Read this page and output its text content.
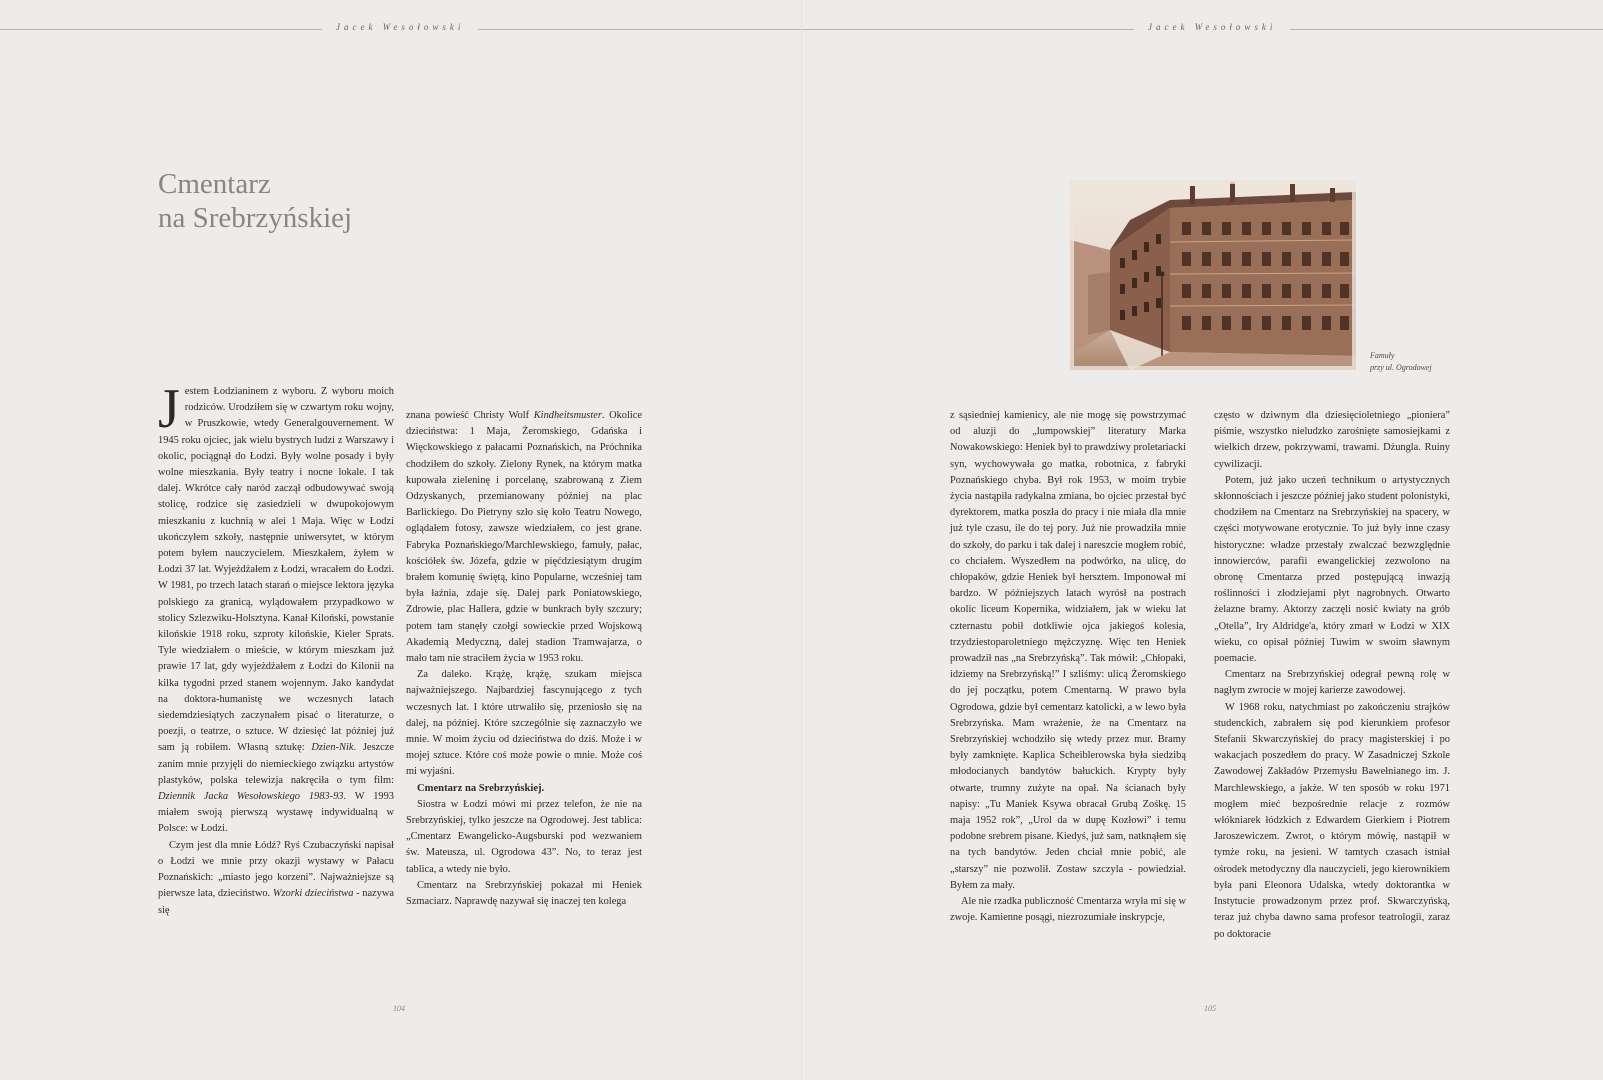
Jacek Wesołowski
Cmentarz
na Srebrzyńskiej

Jestem Łodzianinem z wyboru. Z wyboru moich rodziców. Urodziłem się w czwartym roku wojny, w Pruszkowie, wtedy Generalgouvernement. W 1945 roku ojciec, jak wielu bystrych ludzi z Warszawy i okolic, pociągnął do Łodzi. Były wolne posady i były wolne mieszkania. Były teatry i nocne lokale. I tak dalej. Wkrótce cały naród zaczął odbudowywać swoją stolicę, rodzice się zasiedzieli w dwupokojowym mieszkaniu z kuchnią w alei 1 Maja. Więc w Łodzi ukończyłem szkoły, następnie uniwersytet, w którym potem byłem nauczycielem. Mieszkałem, żyłem w Łodzi 37 lat. Wyjeżdżałem z Łodzi, wracałem do Łodzi. W 1981, po trzech latach starań o miejsce lektora języka polskiego za granicą, wylądowałem przypadkowo w stolicy Szlezwiku-Holsztyna. Kanał Kiloński, powstanie kilońskie 1918 roku, szproty kilońskie, Kieler Sprats. Tyle wiedziałem o mieście, w którym mieszkam już prawie 17 lat, gdy wyjeżdżałem z Łodzi do Kilonii na kilka tygodni przed stanem wojennym. Jako kandydat na doktora-humanistę we wczesnych latach siedemdziesiątych zaczynałem pisać o literaturze, o poezji, o teatrze, o sztuce. W dziesięć lat później już sam ją robiłem. Własną sztukę: Dzien-Nik. Jeszcze zanim mnie przyjęli do niemieckiego związku artystów plastyków, polska telewizja nakręciła o tym film: Dziennik Jacka Wesołowskiego 1983-93. W 1993 miałem swoją pierwszą wystawę indywidualną w Polsce: w Łodzi.

Czym jest dla mnie Łódź? Ryś Czubaczyński napisał o Łodzi we mnie przy okazji wystawy w Pałacu Poznańskich: „miasto jego korzeni”. Najważniejsze są pierwsze lata, dzieciństwo. Wzorki dzieciństwa - nazywa się

znana powieść Christy Wolf Kindheitsmuster. Okolice dzieciństwa: 1 Maja, Żeromskiego, Gdańska i Więckowskiego z pałacami Poznańskich, na Próchnika chodziłem do szkoły. Zielony Rynek, na którym matka kupowała zieleninę i porcelanę, szabrowaną z Ziem Odzyskanych, przemianowany później na plac Barlickiego. Do Pietryny szło się koło Teatru Nowego, oglądałem fotosy, zawsze wiedziałem, co jest grane. Fabryka Poznańskiego/Marchlewskiego, famuły, pałac, kościółek św. Józefa, gdzie w pięćdziesiątym drugim brałem komunię świętą, kino Popularne, wcześniej tam była łaźnia, zdaje się. Dalej park Poniatowskiego, Zdrowie, plac Hallera, gdzie w bunkrach były szczury; potem tam stanęły czołgi sowieckie przed Wojskową Akademią Medyczną, dalej stadion Tramwajarza, o mało tam nie straciłem życia w 1953 roku.

Za daleko. Krążę, krążę, szukam miejsca najważniejszego. Najbardziej fascynującego z tych wczesnych lat. I które utrwaliło się, przeniosło się na dalej, na później. Które szczególnie się zaznaczyło we mnie. W moim życiu od dzieciństwa do dziś. Może i w mojej sztuce. Które coś może powie o mnie. Może coś mi wyjaśni.

Cmentarz na Srebrzyńskiej.

Siostra w Łodzi mówi mi przez telefon, że nie na Srebrzyńskiej, tylko jeszcze na Ogrodowej. Jest tablica: „Cmentarz Ewangelicko-Augsburski pod wezwaniem św. Mateusza, ul. Ogrodowa 43”. No, to teraz jest tablica, a wtedy nie było.

Cmentarz na Srebrzyńskiej pokazał mi Heniek Szmaciarz. Naprawdę nazywał się inaczej ten kolega

104
Jacek Wesołowski

z sąsiedniej kamienicy, ale nie mogę się powstrzymać od aluzji do „lumpowskiej” literatury Marka Nowakowskiego: Heniek był to prawdziwy proletariacki syn, wychowywała go matka, robotnica, z fabryki Poznańskiego chyba. Był rok 1953, w moim trybie życia nastąpiła radykalna zmiana, bo ojciec przestał być dyrektorem, matka poszła do pracy i nie miała dla mnie już tyle czasu, ile do tej pory. Już nie prowadziła mnie do szkoły, do parku i tak dalej i nareszcie mogłem robić, co chciałem. Wyszedłem na podwórko, na ulicę, do chłopaków, gdzie Heniek był hersztem. Imponował mi bardzo. W późniejszych latach wyrósł na postrach okolic liceum Kopernika, widziałem, jak w wieku lat czternastu pobił dotkliwie ojca jakiegoś kolesia, trzydziestoparoletniego mężczyznę. Więc ten Heniek prowadził nas „na Srebrzyńską”. Tak mówił: „Chłopaki, idziemy na Srebrzyńską!” I szliśmy: ulicą Żeromskiego do jej początku, potem Cmentarną. W prawo była Ogrodowa, gdzie był cementarz katolicki, a w lewo była Srebrzyńska. Mam wrażenie, że na Cmentarz na Srebrzyńskiej wchodziło się wtedy przez mur. Bramy były zamknięte. Kaplica Scheiblerowska była siedzibą młodocianych bandytów bałuckich. Krypty były otwarte, trumny zużyte na opał. Na ścianach były napisy: „Tu Maniek Ksywa obracał Grubą Zośkę. 15 maja 1952 rok”, „Urol da w dupę Kozłowi” i temu podobne srebrem pisane. Kiedyś, już sam, natknąłem się na tych bandytów. Jeden chciał mnie pobić, ale „starszy” nie pozwolił. Zostaw szczyla - powiedział. Byłem za mały.

Ale nie rzadka publiczność Cmentarza wryła mi się w zwoje. Kamienne posągi, niezrozumiałe inskrypcje,

często w dziwnym dla dziesięcioletniego „pioniera” piśmie, wszystko nieludzko zarośnięte samosiejkami z wielkich drzew, pokrzywami, trawami. Dżungla. Ruiny cywilizacji.

Potem, już jako uczeń technikum o artystycznych skłonnościach i jeszcze później jako student polonistyki, chodziłem na Cmentarz na Srebrzyńskiej na spacery, w części motywowane erotycznie. To już były inne czasy historyczne: władze przestały zwalczać bezwzględnie innowierców, parafii ewangelickiej zezwolono na obronę Cmentarza przed postępującą inwazją roślinności i złodziejami płyt nagrobnych. Otwarto żelazne bramy. Aktorzy zaczęli nosić kwiaty na grób „Otella”, Iry Aldridge'a, który zmarł w Łodzi w XIX wieku, co opisał później Tuwim w swoim sławnym poemacie.

Cmentarz na Srebrzyńskiej odegrał pewną rolę w nagłym zwrocie w mojej karierze zawodowej.

W 1968 roku, natychmiast po zakończeniu strajków studenckich, zabrałem się pod kierunkiem profesor Stefanii Skwarczyńskiej do pracy magisterskiej i po wakacjach poszedłem do pracy. W Zasadniczej Szkole Zawodowej Zakładów Przemysłu Bawełnianego im. J. Marchlewskiego, a jakże. W ten sposób w roku 1971 mogłem mieć bezpośrednie relacje z rozmów włókniarek łódzkich z Edwardem Gierkiem i Piotrem Jaroszewiczem. Zwrot, o którym mówię, nastąpił w tymże roku, na jesieni. W tamtych czasach istniał ośrodek metodyczny dla nauczycieli, jego kierownikiem była pani Eleonora Udalska, wtedy doktorantka w Instytucie prowadzonym przez prof. Skwarczyńską, teraz już chyba dawno sama profesor teatrologii, zaraz po doktoracie

105
Famuły
przy ul. Ogrodowej
